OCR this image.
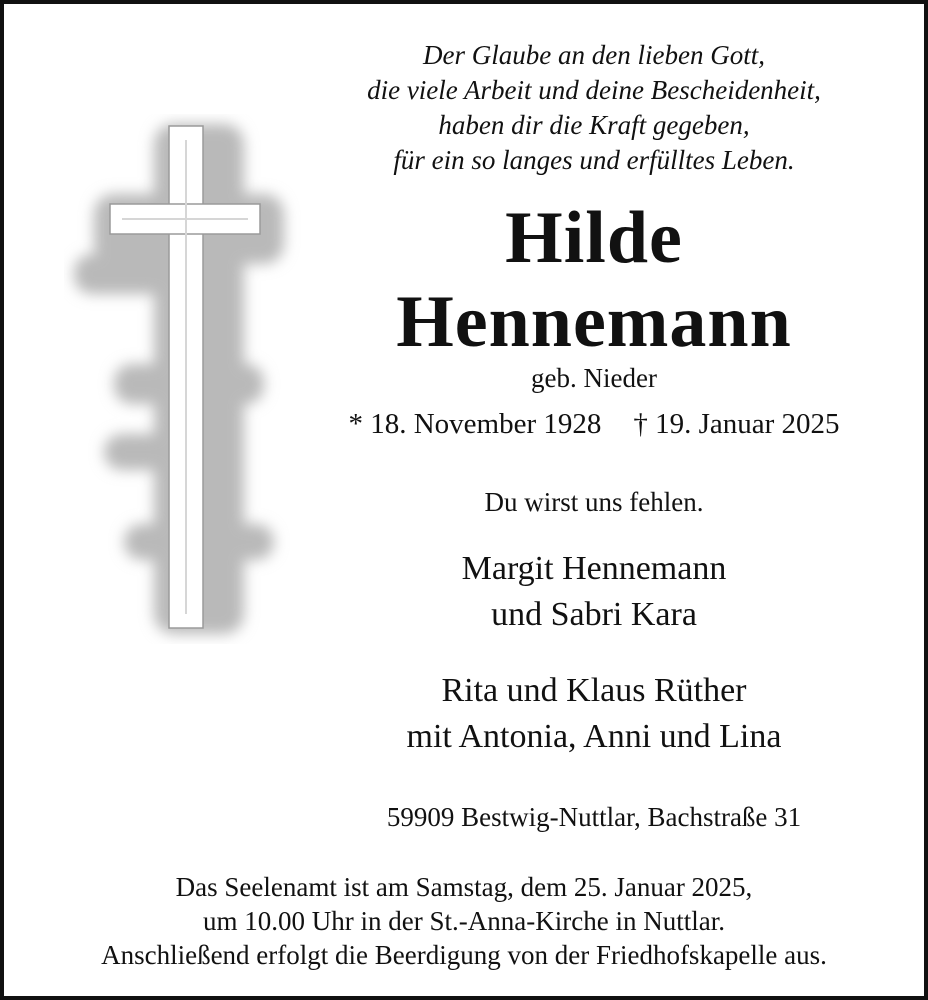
Der Glaube an den lieben Gott,
die viele Arbeit und deine Bescheidenheit,
haben dir die Kraft gegeben,
für ein so langes und erfülltes Leben.
Hilde
Hennemann
geb. Nieder
* 18. November 1928 † 19. Januar 2025
Du wirst uns fehlen.
Margit Hennemann
und Sabri Kara
Rita und Klaus Rüther
mit Antonia, Anni und Lina
59909 Bestwig-Nuttlar, Bachstraße 31
Das Seelenamt ist am Samstag, dem 25. Januar 2025,
um 10.00 Uhr in der St.-Anna-Kirche in Nuttlar.
Anschließend erfolgt die Beerdigung von der Friedhofskapelle aus.
